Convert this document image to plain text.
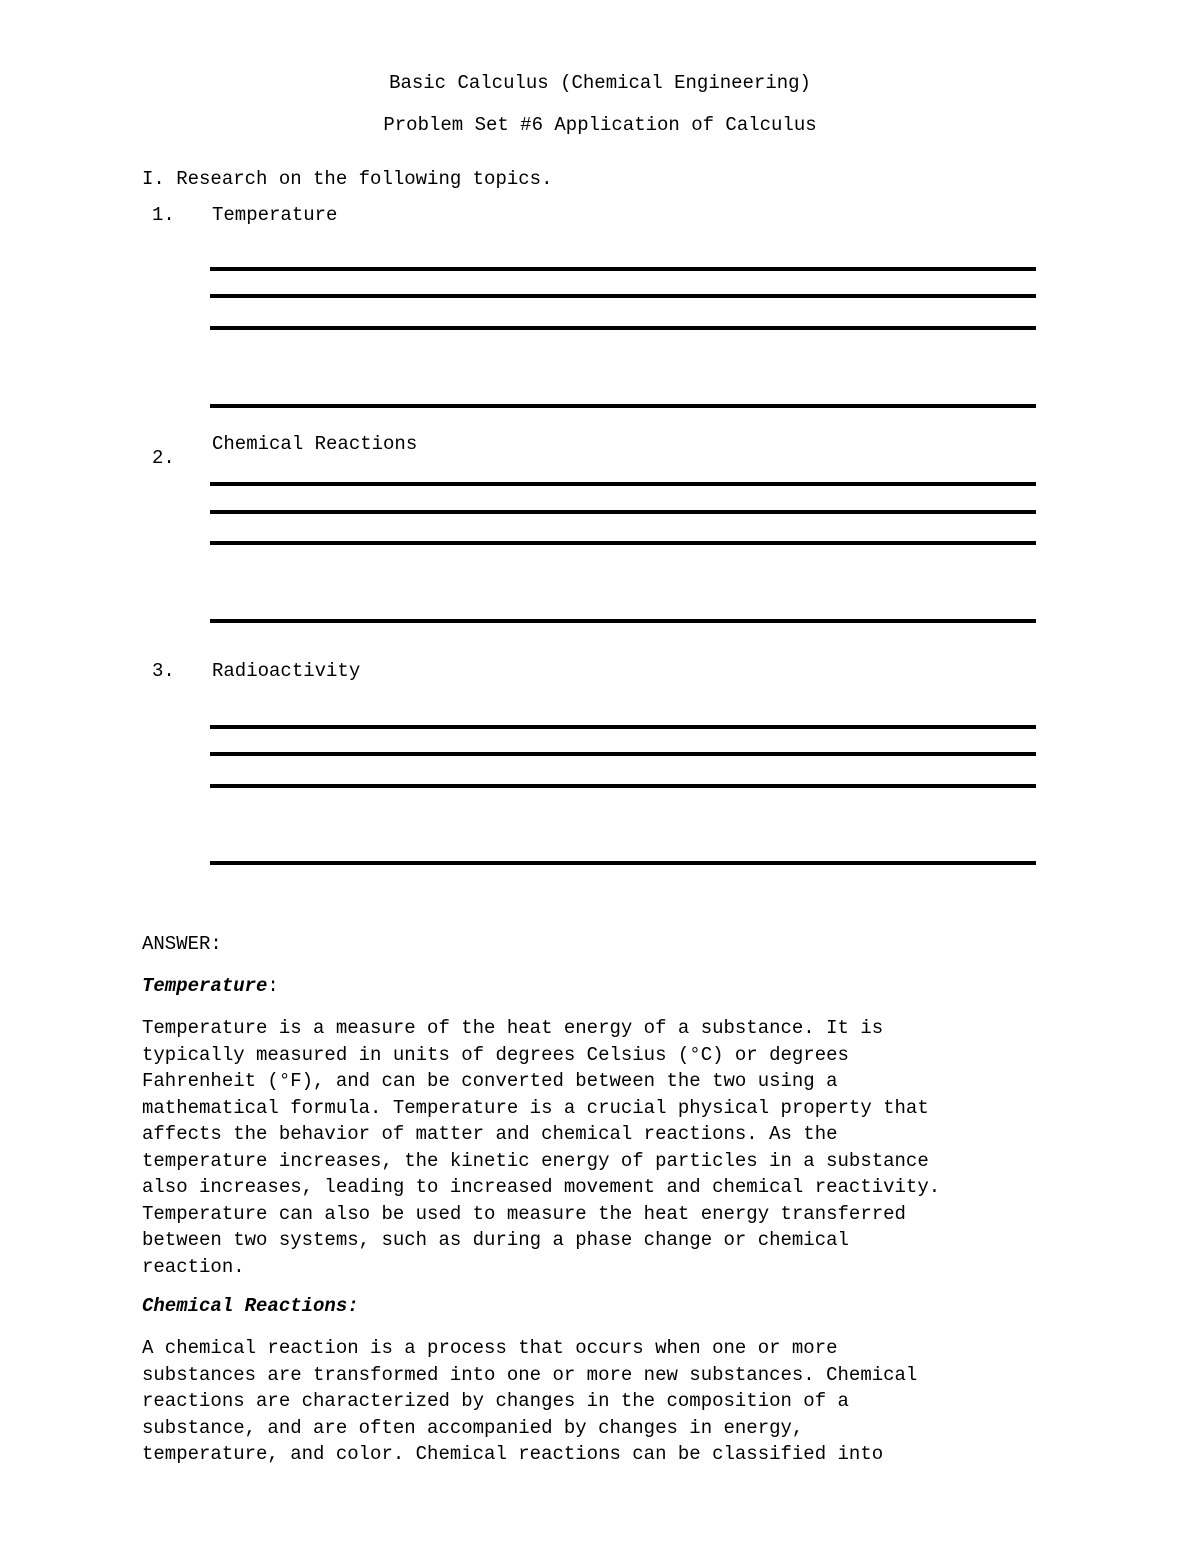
Basic Calculus (Chemical Engineering)
Problem Set #6 Application of Calculus
I. Research on the following topics.
1. Temperature
2.
Chemical Reactions
3. Radioactivity
ANSWER:
Temperature:
Temperature is a measure of the heat energy of a substance. It is
typically measured in units of degrees Celsius (°C) or degrees
Fahrenheit (°F), and can be converted between the two using a
mathematical formula. Temperature is a crucial physical property that
affects the behavior of matter and chemical reactions. As the
temperature increases, the kinetic energy of particles in a substance
also increases, leading to increased movement and chemical reactivity.
Temperature can also be used to measure the heat energy transferred
between two systems, such as during a phase change or chemical
reaction.
Chemical Reactions:
A chemical reaction is a process that occurs when one or more
substances are transformed into one or more new substances. Chemical
reactions are characterized by changes in the composition of a
substance, and are often accompanied by changes in energy,
temperature, and color. Chemical reactions can be classified into
